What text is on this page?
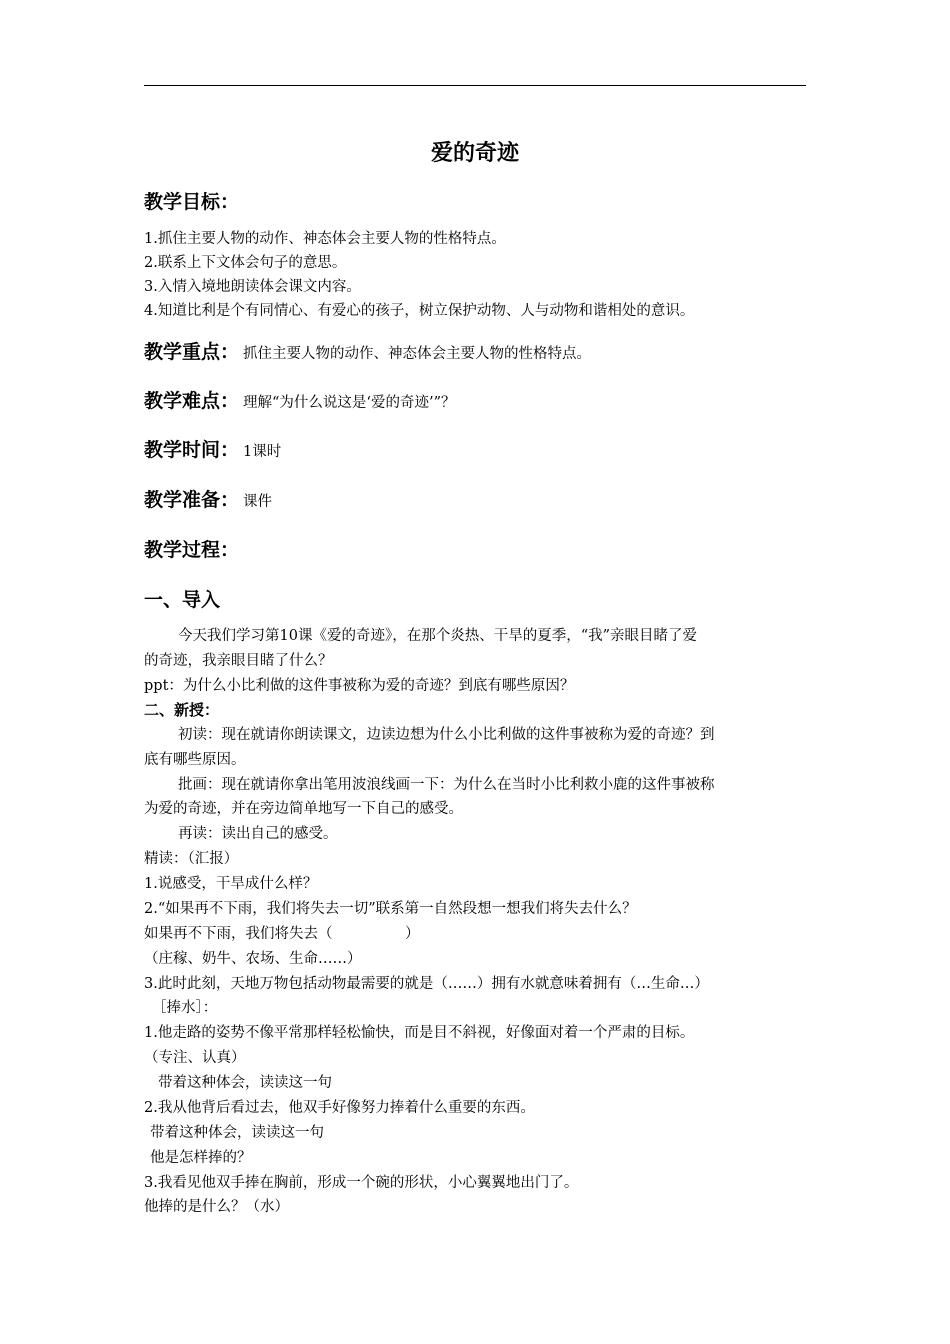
爱的奇迹
教学目标：
1.抓住主要人物的动作、神态体会主要人物的性格特点。
2.联系上下文体会句子的意思。
3.入情入境地朗读体会课文内容。
4.知道比利是个有同情心、有爱心的孩子，树立保护动物、人与动物和谐相处的意识。
教学重点： 抓住主要人物的动作、神态体会主要人物的性格特点。
教学难点： 理解“为什么说这是‘爱的奇迹’”？
教学时间： 1课时
教学准备： 课件
教学过程：
一、导入
今天我们学习第10课《爱的奇迹》，在那个炎热、干旱的夏季，“我”亲眼目睹了爱
的奇迹，我亲眼目睹了什么？
ppt：为什么小比利做的这件事被称为爱的奇迹？到底有哪些原因？
二、新授：
初读：现在就请你朗读课文，边读边想为什么小比利做的这件事被称为爱的奇迹？到
底有哪些原因。
批画：现在就请你拿出笔用波浪线画一下：为什么在当时小比利救小鹿的这件事被称
为爱的奇迹，并在旁边简单地写一下自己的感受。
再读：读出自己的感受。
精读：（汇报）
1.说感受，干旱成什么样？
2.“如果再不下雨，我们将失去一切”联系第一自然段想一想我们将失去什么？
如果再不下雨，我们将失去（　　　　　）
（庄稼、奶牛、农场、生命……）
3.此时此刻，天地万物包括动物最需要的就是（……）拥有水就意味着拥有（…生命…）
［捧水］：
1.他走路的姿势不像平常那样轻松愉快，而是目不斜视，好像面对着一个严肃的目标。
（专注、认真）
带着这种体会，读读这一句
2.我从他背后看过去，他双手好像努力捧着什么重要的东西。
带着这种体会，读读这一句
他是怎样捧的？
3.我看见他双手捧在胸前，形成一个碗的形状，小心翼翼地出门了。
他捧的是什么？（水）
